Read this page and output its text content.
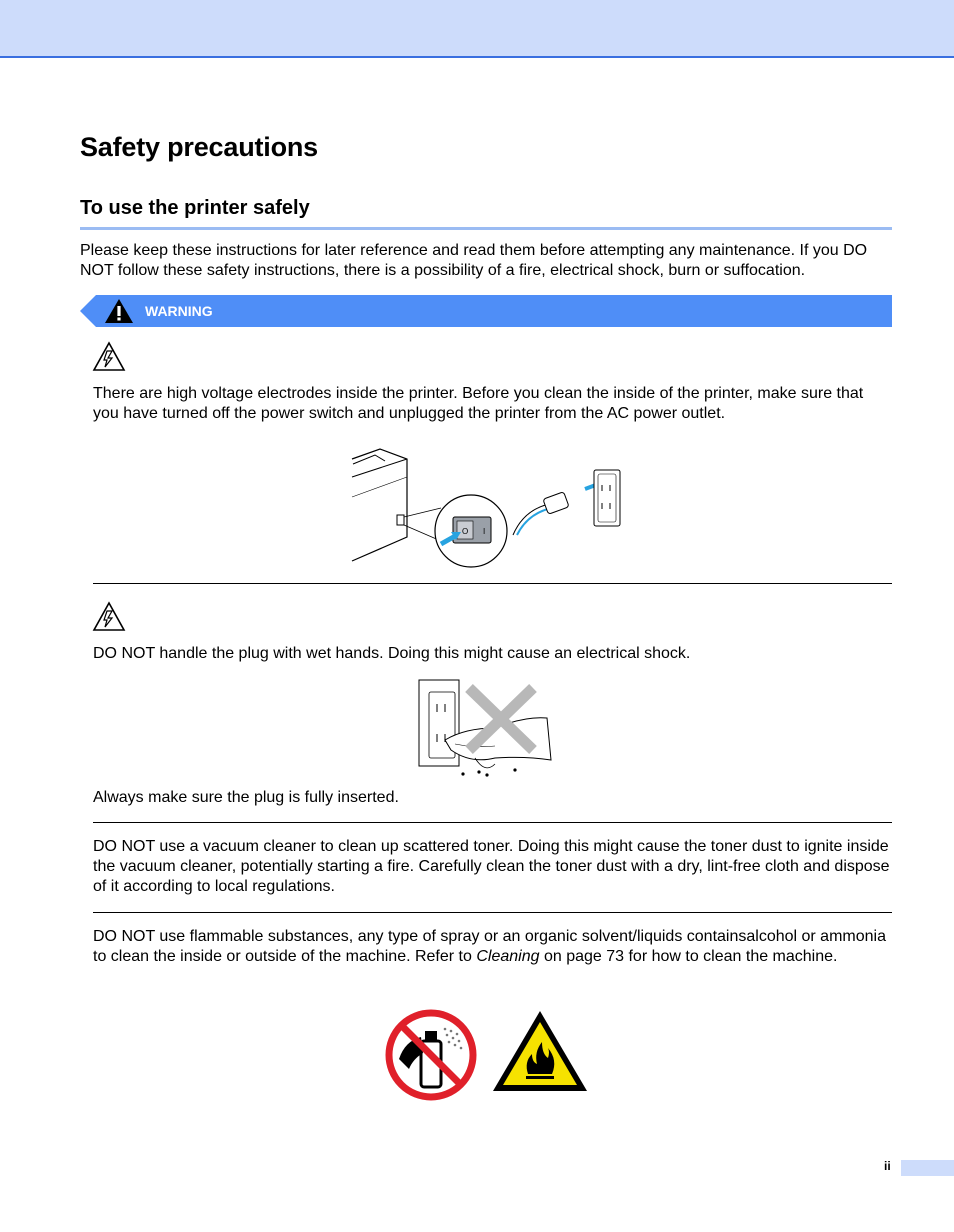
Safety precautions
To use the printer safely

Please keep these instructions for later reference and read them before attempting any maintenance. If you DO NOT follow these safety instructions, there is a possibility of a fire, electrical shock, burn or suffocation.

WARNING

There are high voltage electrodes inside the printer. Before you clean the inside of the printer, make sure that you have turned off the power switch and unplugged the printer from the AC power outlet.

O I

DO NOT handle the plug with wet hands. Doing this might cause an electrical shock.

Always make sure the plug is fully inserted.

DO NOT use a vacuum cleaner to clean up scattered toner. Doing this might cause the toner dust to ignite inside the vacuum cleaner, potentially starting a fire. Carefully clean the toner dust with a dry, lint-free cloth and dispose of it according to local regulations.

DO NOT use flammable substances, any type of spray or an organic solvent/liquids containsalcohol or ammonia to clean the inside or outside of the machine. Refer to Cleaning on page 73 for how to clean the machine.

ii
